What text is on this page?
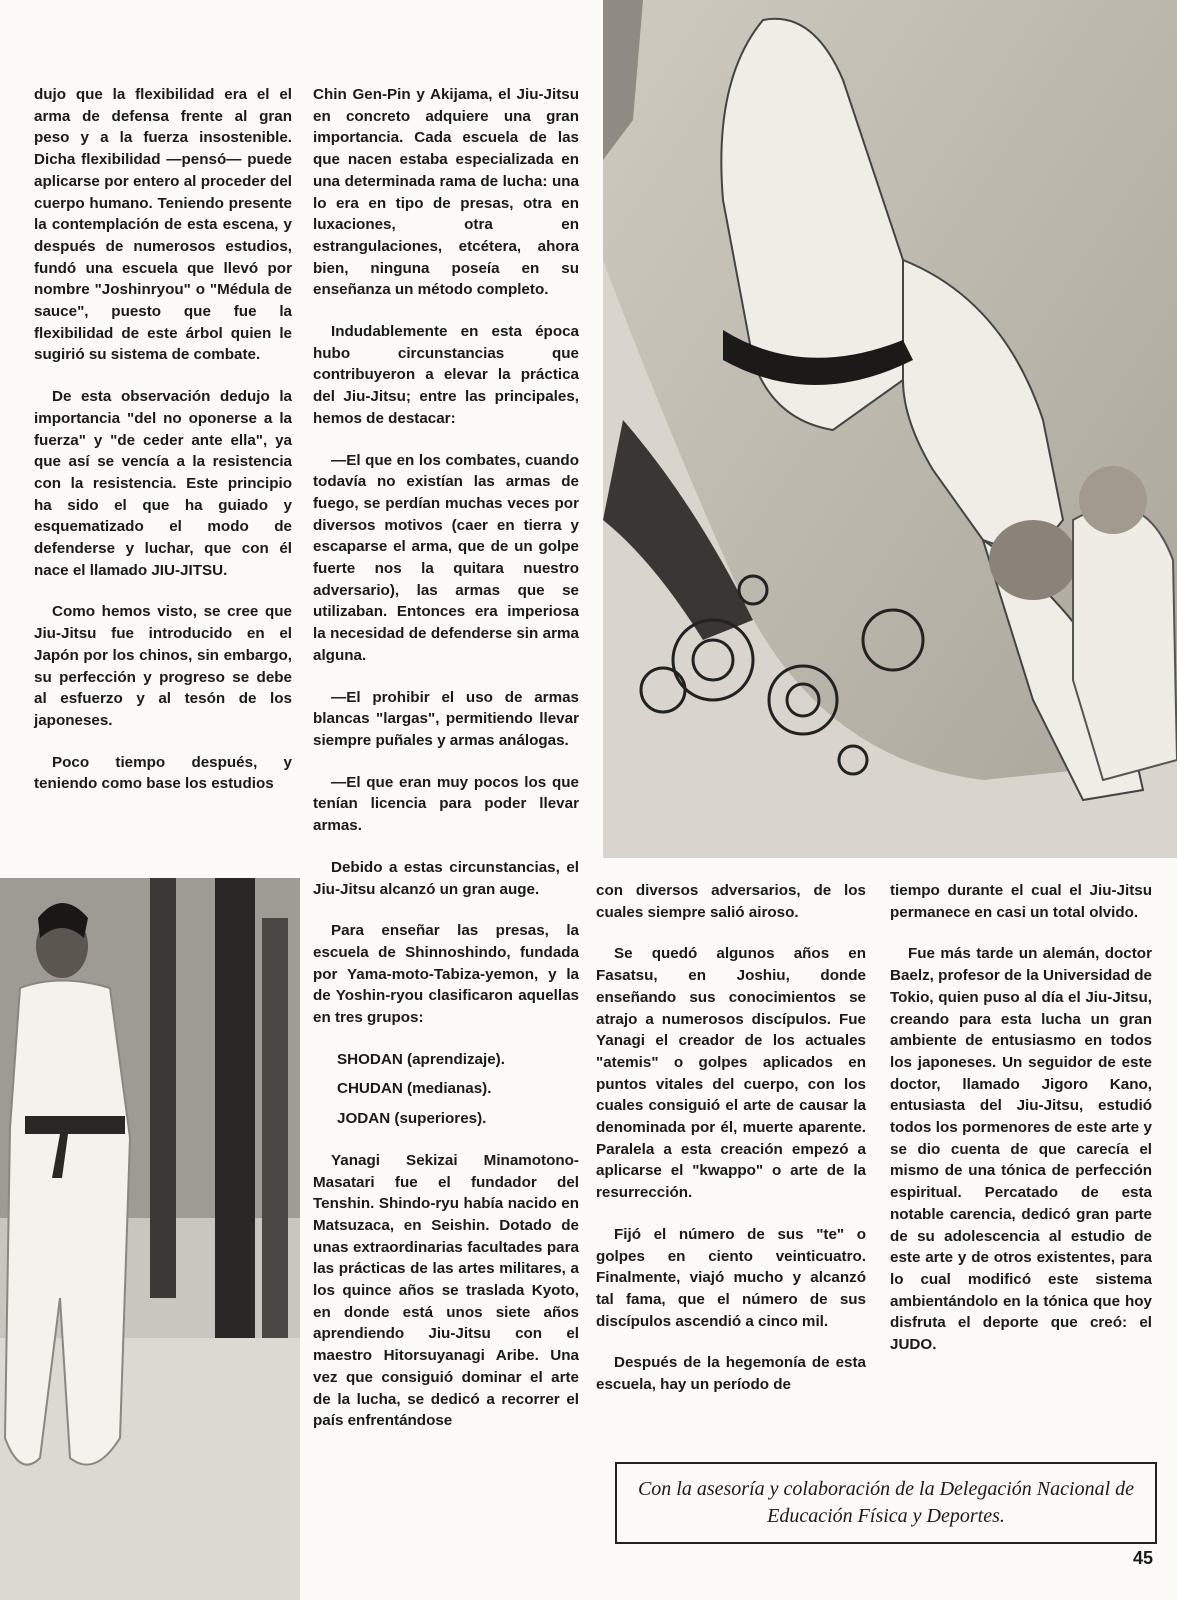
dujo que la flexibilidad era el el arma de defensa frente al gran peso y a la fuerza insostenible. Dicha flexibilidad —pensó— puede aplicarse por entero al proceder del cuerpo humano. Teniendo presente la contemplación de esta escena, y después de numerosos estudios, fundó una escuela que llevó por nombre "Joshinryou" o "Médula de sauce", puesto que fue la flexibilidad de este árbol quien le sugirió su sistema de combate.

De esta observación dedujo la importancia "del no oponerse a la fuerza" y "de ceder ante ella", ya que así se vencía a la resistencia con la resistencia. Este principio ha sido el que ha guiado y esquematizado el modo de defenderse y luchar, que con él nace el llamado JIU-JITSU.

Como hemos visto, se cree que Jiu-Jitsu fue introducido en el Japón por los chinos, sin embargo, su perfección y progreso se debe al esfuerzo y al tesón de los japoneses.

Poco tiempo después, y teniendo como base los estudios

Chin Gen-Pin y Akijama, el Jiu-Jitsu en concreto adquiere una gran importancia. Cada escuela de las que nacen estaba especializada en una determinada rama de lucha: una lo era en tipo de presas, otra en luxaciones, otra en estrangulaciones, etcétera, ahora bien, ninguna poseía en su enseñanza un método completo.

Indudablemente en esta época hubo circunstancias que contribuyeron a elevar la práctica del Jiu-Jitsu; entre las principales, hemos de destacar:

—El que en los combates, cuando todavía no existían las armas de fuego, se perdían muchas veces por diversos motivos (caer en tierra y escaparse el arma, que de un golpe fuerte nos la quitara nuestro adversario), las armas que se utilizaban. Entonces era imperiosa la necesidad de defenderse sin arma alguna.

—El prohibir el uso de armas blancas "largas", permitiendo llevar siempre puñales y armas análogas.

—El que eran muy pocos los que tenían licencia para poder llevar armas.

Debido a estas circunstancias, el Jiu-Jitsu alcanzó un gran auge.

Para enseñar las presas, la escuela de Shinnoshindo, fundada por Yama-moto-Tabiza-yemon, y la de Yoshin-ryou clasificaron aquellas en tres grupos:

SHODAN (aprendizaje).

CHUDAN (medianas).

JODAN (superiores).

Yanagi Sekizai Minamotono-Masatari fue el fundador del Tenshin. Shindo-ryu había nacido en Matsuzaca, en Seishin. Dotado de unas extraordinarias facultades para las prácticas de las artes militares, a los quince años se traslada Kyoto, en donde está unos siete años aprendiendo Jiu-Jitsu con el maestro Hitorsuyanagi Aribe. Una vez que consiguió dominar el arte de la lucha, se dedicó a recorrer el país enfrentándose

con diversos adversarios, de los cuales siempre salió airoso.

Se quedó algunos años en Fasatsu, en Joshiu, donde enseñando sus conocimientos se atrajo a numerosos discípulos. Fue Yanagi el creador de los actuales "atemis" o golpes aplicados en puntos vitales del cuerpo, con los cuales consiguió el arte de causar la denominada por él, muerte aparente. Paralela a esta creación empezó a aplicarse el "kwappo" o arte de la resurrección.

Fijó el número de sus "te" o golpes en ciento veinticuatro. Finalmente, viajó mucho y alcanzó tal fama, que el número de sus discípulos ascendió a cinco mil.

Después de la hegemonía de esta escuela, hay un período de

tiempo durante el cual el Jiu-Jitsu permanece en casi un total olvido.

Fue más tarde un alemán, doctor Baelz, profesor de la Universidad de Tokio, quien puso al día el Jiu-Jitsu, creando para esta lucha un gran ambiente de entusiasmo en todos los japoneses. Un seguidor de este doctor, llamado Jigoro Kano, entusiasta del Jiu-Jitsu, estudió todos los pormenores de este arte y se dio cuenta de que carecía el mismo de una tónica de perfección espiritual. Percatado de esta notable carencia, dedicó gran parte de su adolescencia al estudio de este arte y de otros existentes, para lo cual modificó este sistema ambientándolo en la tónica que hoy disfruta el deporte que creó: el JUDO.

Con la asesoría y colaboración de la Delegación Nacional de Educación Física y Deportes.
45
